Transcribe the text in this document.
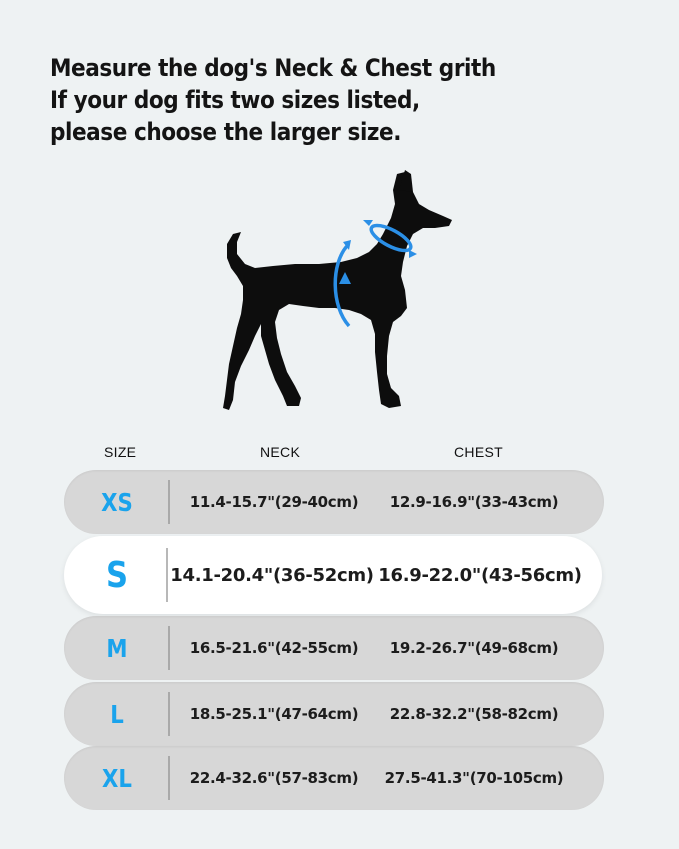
Measure the dog's Neck & Chest grith
If your dog fits two sizes listed,
please choose the larger size.
SIZE	NECK	CHEST
XS	11.4-15.7"(29-40cm)	12.9-16.9"(33-43cm)
S	14.1-20.4"(36-52cm) 16.9-22.0"(43-56cm)
M	16.5-21.6"(42-55cm)	19.2-26.7"(49-68cm)
L	18.5-25.1"(47-64cm)	22.8-32.2"(58-82cm)
XL	22.4-32.6"(57-83cm)	27.5-41.3"(70-105cm)
